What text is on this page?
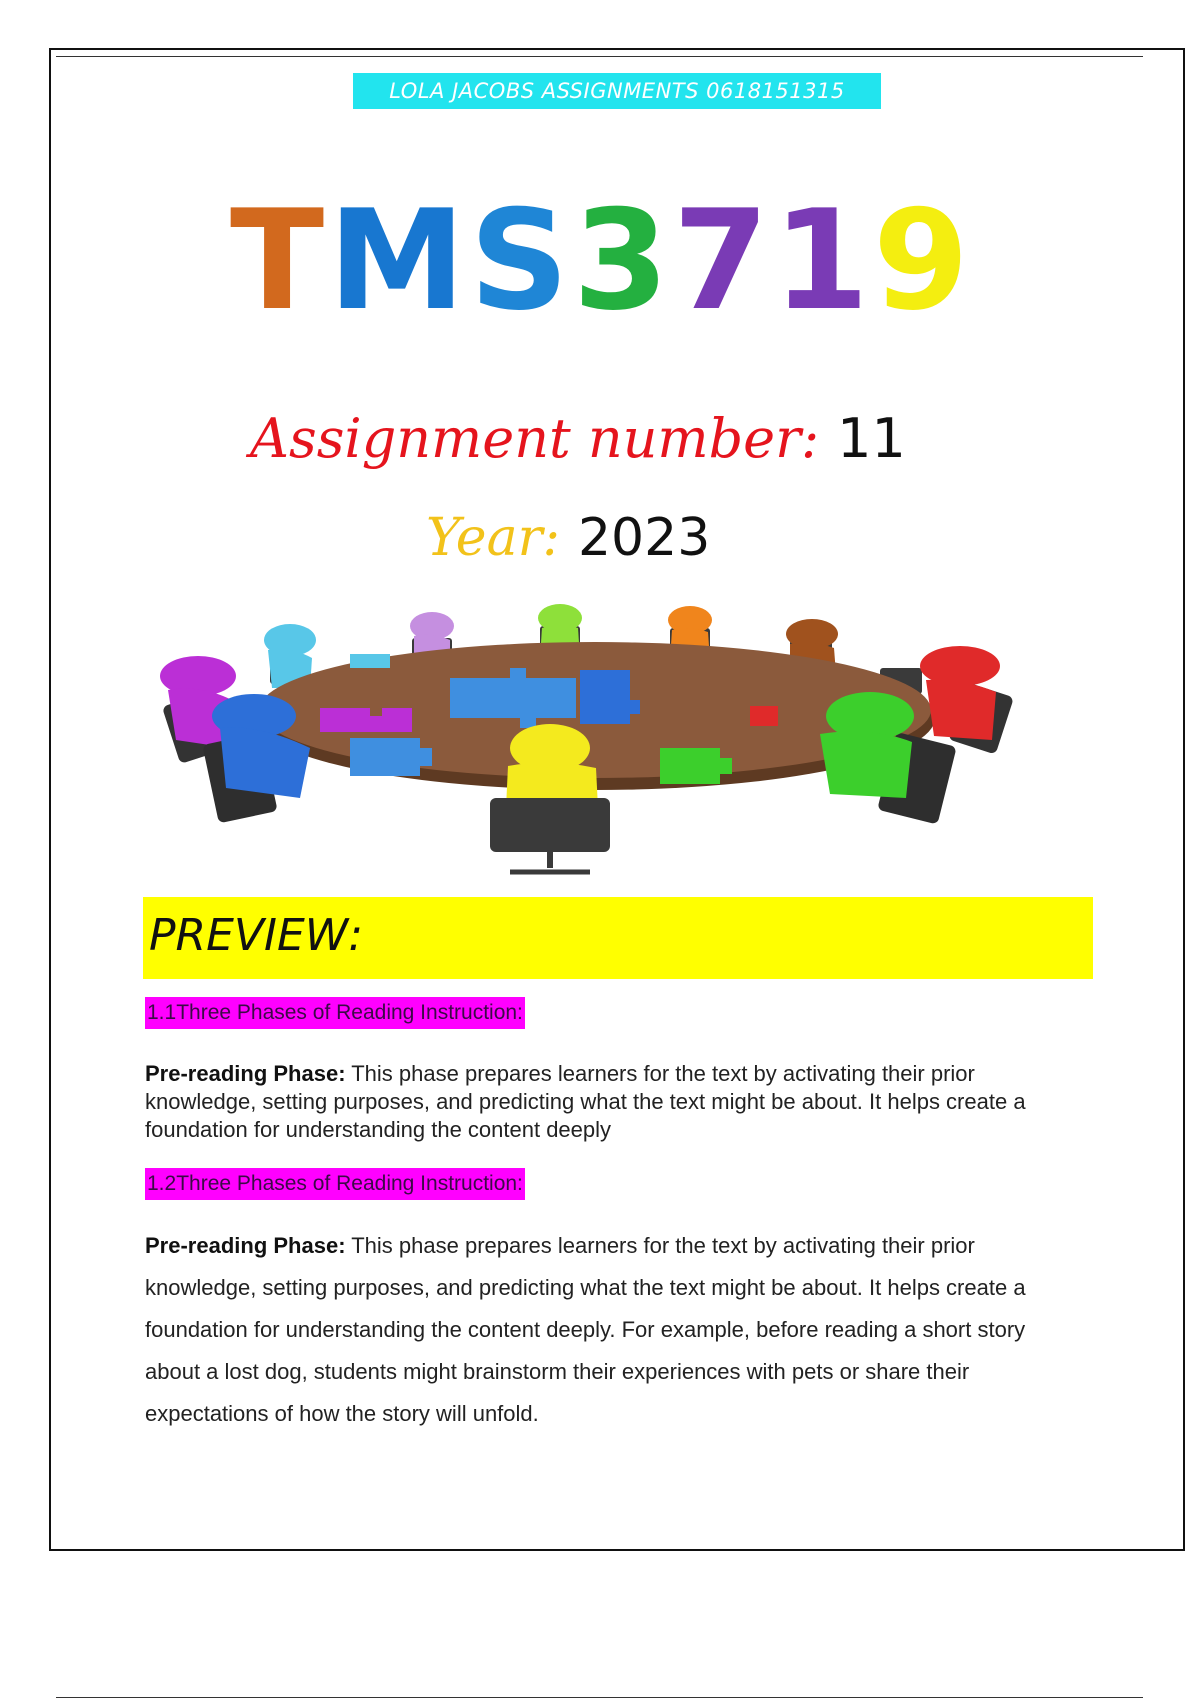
LOLA JACOBS ASSIGNMENTS 0618151315
T M S 3 7 1 9
Assignment number: 11
Year: 2023
PREVIEW:
1.1Three Phases of Reading Instruction:
Pre-reading Phase: This phase prepares learners for the text by activating their prior knowledge, setting purposes, and predicting what the text might be about. It helps create a foundation for understanding the content deeply
1.2Three Phases of Reading Instruction:
Pre-reading Phase: This phase prepares learners for the text by activating their prior knowledge, setting purposes, and predicting what the text might be about. It helps create a foundation for understanding the content deeply. For example, before reading a short story about a lost dog, students might brainstorm their experiences with pets or share their expectations of how the story will unfold.
